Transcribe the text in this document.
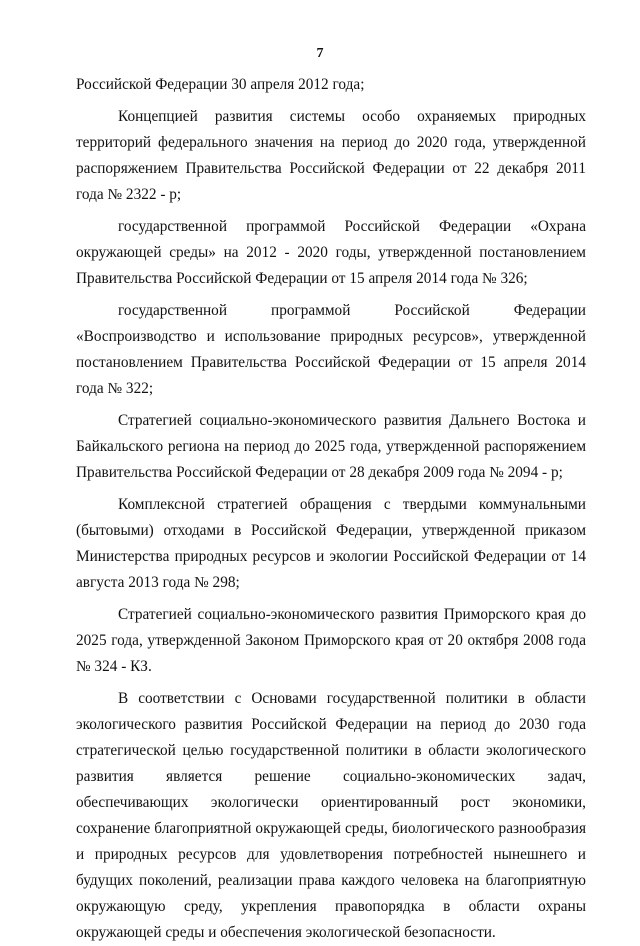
7

Российской Федерации 30 апреля 2012 года;

Концепцией развития системы особо охраняемых природных территорий федерального значения на период до 2020 года, утвержденной распоряжением Правительства Российской Федерации от 22 декабря 2011 года № 2322 - р;

государственной программой Российской Федерации «Охрана окружающей среды» на 2012 - 2020 годы, утвержденной постановлением Правительства Российской Федерации от 15 апреля 2014 года № 326;

государственной программой Российской Федерации «Воспроизводство и использование природных ресурсов», утвержденной постановлением Правительства Российской Федерации от 15 апреля 2014 года № 322;

Стратегией социально-экономического развития Дальнего Востока и Байкальского региона на период до 2025 года, утвержденной распоряжением Правительства Российской Федерации от 28 декабря 2009 года № 2094 - р;

Комплексной стратегией обращения с твердыми коммунальными (бытовыми) отходами в Российской Федерации, утвержденной приказом Министерства природных ресурсов и экологии Российской Федерации от 14 августа 2013 года № 298;

Стратегией социально-экономического развития Приморского края до 2025 года, утвержденной Законом Приморского края от 20 октября 2008 года № 324 - КЗ.

В соответствии с Основами государственной политики в области экологического развития Российской Федерации на период до 2030 года стратегической целью государственной политики в области экологического развития является решение социально-экономических задач, обеспечивающих экологически ориентированный рост экономики, сохранение благоприятной окружающей среды, биологического разнообразия и природных ресурсов для удовлетворения потребностей нынешнего и будущих поколений, реализации права каждого человека на благоприятную окружающую среду, укрепления правопорядка в области охраны окружающей среды и обеспечения экологической безопасности.
